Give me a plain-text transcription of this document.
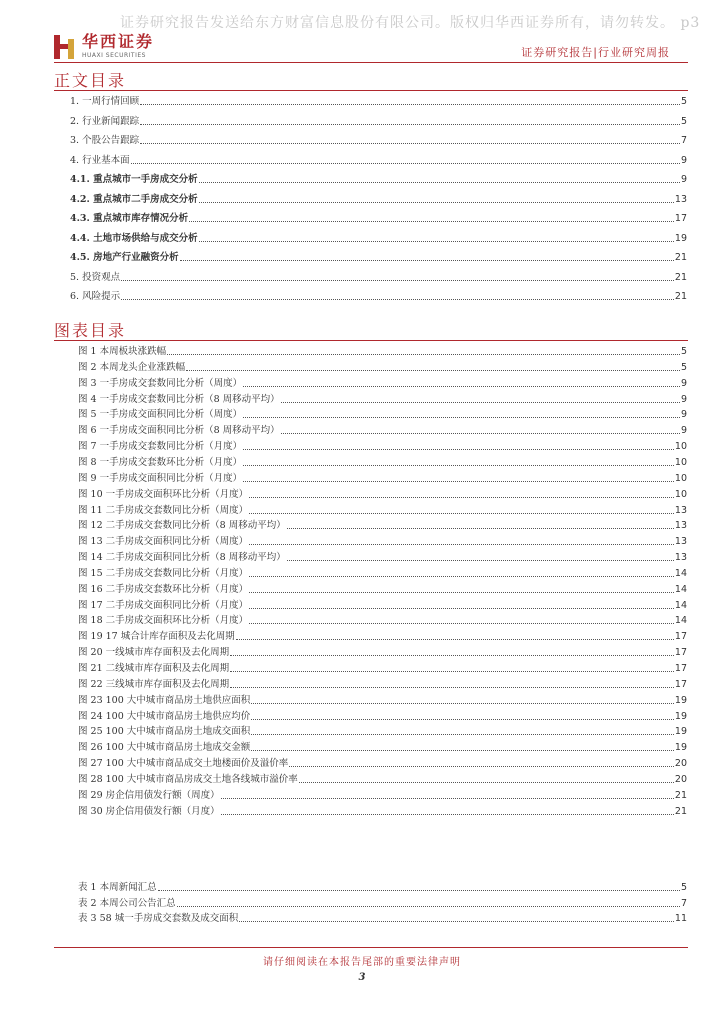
证券研究报告发送给东方财富信息股份有限公司。版权归华西证券所有，请勿转发。 p3
华西证券
HUAXI SECURITIES	证券研究报告|行业研究周报
正文目录
1. 一周行情回顾	5
2. 行业新闻跟踪	5
3. 个股公告跟踪	7
4. 行业基本面	9
4.1. 重点城市一手房成交分析	9
4.2. 重点城市二手房成交分析	13
4.3. 重点城市库存情况分析	17
4.4. 土地市场供给与成交分析	19
4.5. 房地产行业融资分析	21
5. 投资观点	21
6. 风险提示	21
图表目录
图 1 本周板块涨跌幅	5
图 2 本周龙头企业涨跌幅	5
图 3 一手房成交套数同比分析（周度）	9
图 4 一手房成交套数同比分析（8 周移动平均）	9
图 5 一手房成交面积同比分析（周度）	9
图 6 一手房成交面积同比分析（8 周移动平均）	9
图 7 一手房成交套数同比分析（月度）	10
图 8 一手房成交套数环比分析（月度）	10
图 9 一手房成交面积同比分析（月度）	10
图 10 一手房成交面积环比分析（月度）	10
图 11 二手房成交套数同比分析（周度）	13
图 12 二手房成交套数同比分析（8 周移动平均）	13
图 13 二手房成交面积同比分析（周度）	13
图 14 二手房成交面积同比分析（8 周移动平均）	13
图 15 二手房成交套数同比分析（月度）	14
图 16 二手房成交套数环比分析（月度）	14
图 17 二手房成交面积同比分析（月度）	14
图 18 二手房成交面积环比分析（月度）	14
图 19 17 城合计库存面积及去化周期	17
图 20 一线城市库存面积及去化周期	17
图 21 二线城市库存面积及去化周期	17
图 22 三线城市库存面积及去化周期	17
图 23 100 大中城市商品房土地供应面积	19
图 24 100 大中城市商品房土地供应均价	19
图 25 100 大中城市商品房土地成交面积	19
图 26 100 大中城市商品房土地成交金额	19
图 27 100 大中城市商品成交土地楼面价及溢价率	20
图 28 100 大中城市商品房成交土地各线城市溢价率	20
图 29 房企信用债发行额（周度）	21
图 30 房企信用债发行额（月度）	21
表 1 本周新闻汇总	5
表 2 本周公司公告汇总	7
表 3 58 城一手房成交套数及成交面积	11
请仔细阅读在本报告尾部的重要法律声明
3
